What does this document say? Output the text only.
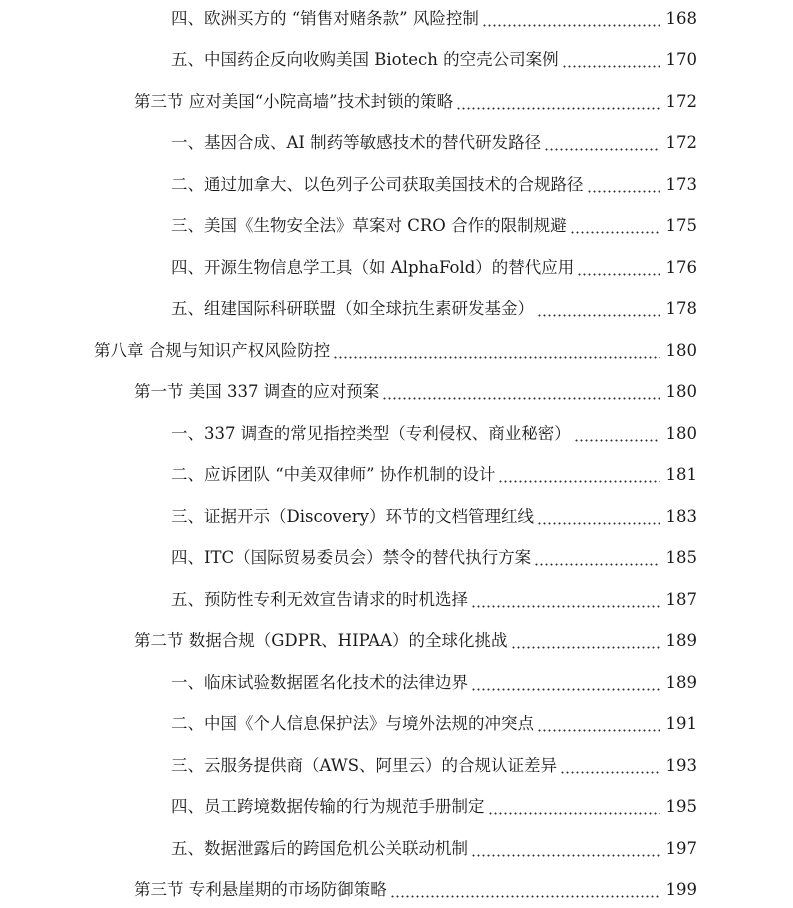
四、欧洲买方的 “销售对赌条款” 风险控制	168
五、中国药企反向收购美国 Biotech 的空壳公司案例	170
第三节 应对美国“小院高墙”技术封锁的策略	172
一、基因合成、AI 制药等敏感技术的替代研发路径	172
二、通过加拿大、以色列子公司获取美国技术的合规路径	173
三、美国《生物安全法》草案对 CRO 合作的限制规避	175
四、开源生物信息学工具（如 AlphaFold）的替代应用	176
五、组建国际科研联盟（如全球抗生素研发基金）	178
第八章 合规与知识产权风险防控	180
第一节 美国 337 调查的应对预案	180
一、337 调查的常见指控类型（专利侵权、商业秘密）	180
二、应诉团队 “中美双律师” 协作机制的设计	181
三、证据开示（Discovery）环节的文档管理红线	183
四、ITC（国际贸易委员会）禁令的替代执行方案	185
五、预防性专利无效宣告请求的时机选择	187
第二节 数据合规（GDPR、HIPAA）的全球化挑战	189
一、临床试验数据匿名化技术的法律边界	189
二、中国《个人信息保护法》与境外法规的冲突点	191
三、云服务提供商（AWS、阿里云）的合规认证差异	193
四、员工跨境数据传输的行为规范手册制定	195
五、数据泄露后的跨国危机公关联动机制	197
第三节 专利悬崖期的市场防御策略	199
